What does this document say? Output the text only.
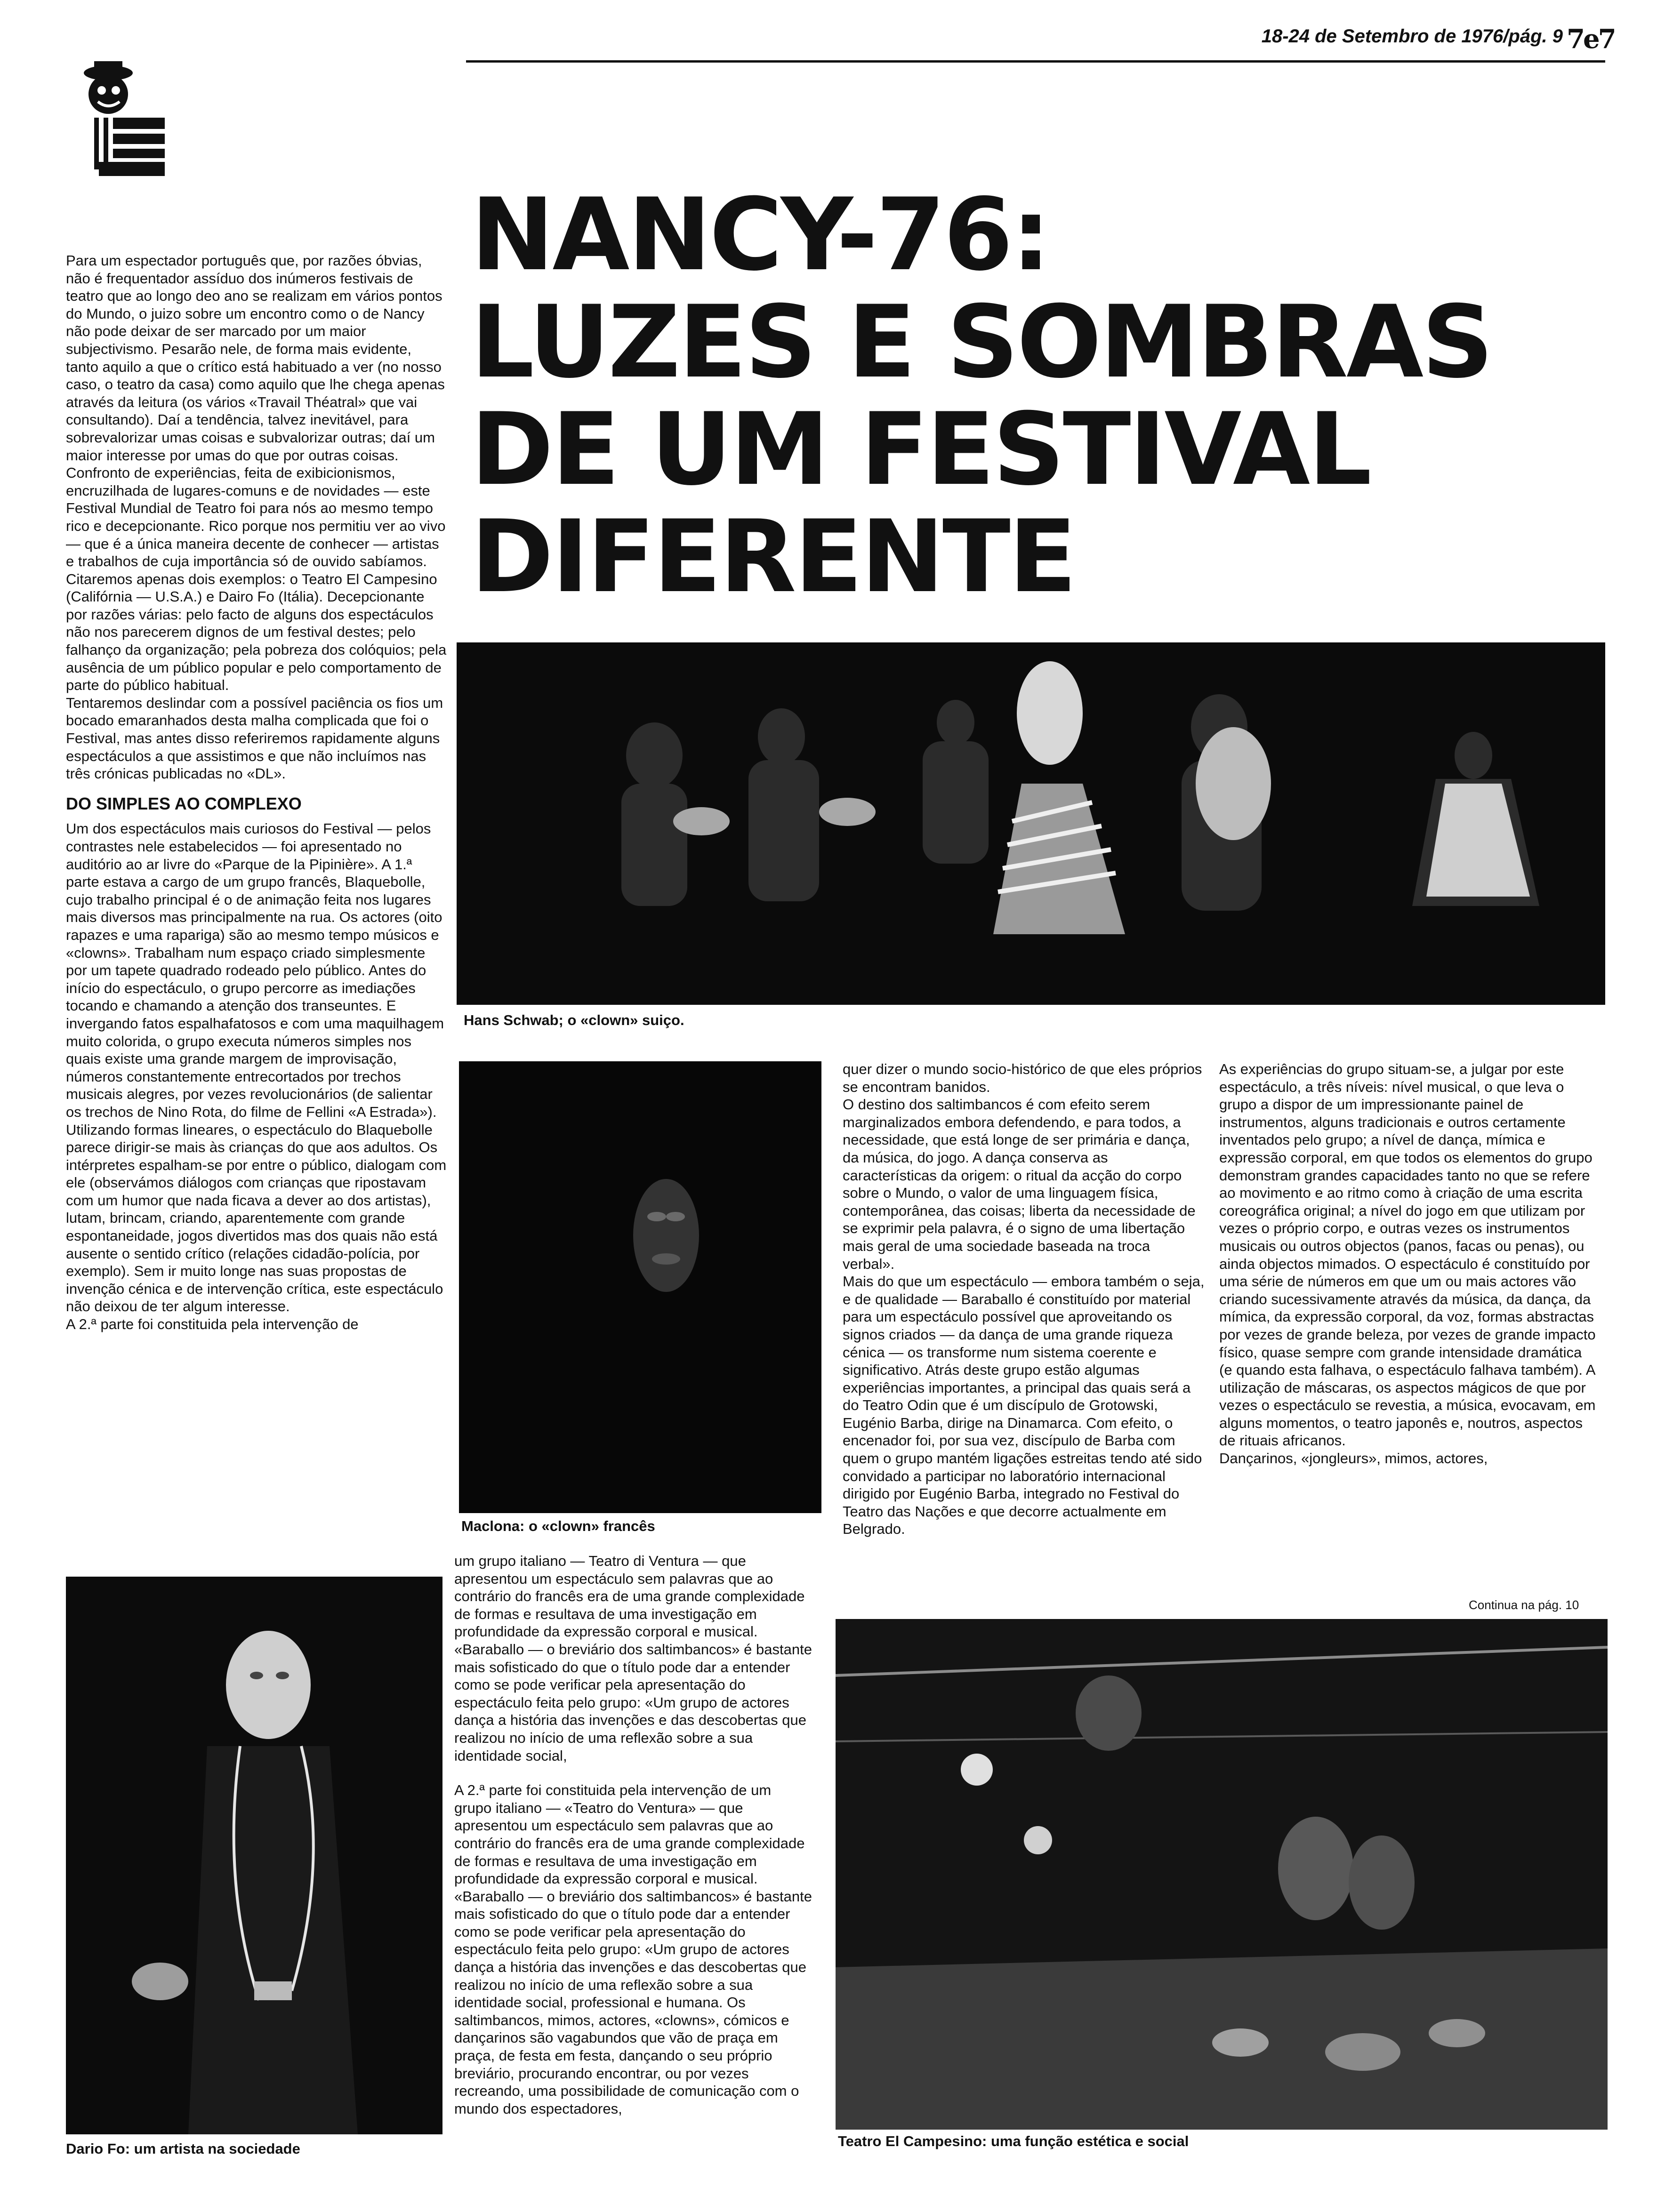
18-24 de Setembro de 1976/pág. 9 7e7
NANCY-76:
LUZES E SOMBRAS
DE UM FESTIVAL
DIFERENTE

Para um espectador português que, por razões óbvias, não é frequentador assíduo dos inúmeros festivais de teatro que ao longo deo ano se realizam em vários pontos do Mundo, o juizo sobre um encontro como o de Nancy não pode deixar de ser marcado por um maior subjectivismo. Pesarão nele, de forma mais evidente, tanto aquilo a que o crítico está habituado a ver (no nosso caso, o teatro da casa) como aquilo que lhe chega apenas através da leitura (os vários «Travail Théatral» que vai consultando). Daí a tendência, talvez inevitável, para sobrevalorizar umas coisas e subvalorizar outras; daí um maior interesse por umas do que por outras coisas. Confronto de experiências, feita de exibicionismos, encruzilhada de lugares-comuns e de novidades — este Festival Mundial de Teatro foi para nós ao mesmo tempo rico e decepcionante. Rico porque nos permitiu ver ao vivo — que é a única maneira decente de conhecer — artistas e trabalhos de cuja importância só de ouvido sabíamos. Citaremos apenas dois exemplos: o Teatro El Campesino (Califórnia — U.S.A.) e Dairo Fo (Itália). Decepcionante por razões várias: pelo facto de alguns dos espectáculos não nos parecerem dignos de um festival destes; pelo falhanço da organização; pela pobreza dos colóquios; pela ausência de um público popular e pelo comportamento de parte do público habitual.

Tentaremos deslindar com a possível paciência os fios um bocado emaranhados desta malha complicada que foi o Festival, mas antes disso referiremos rapidamente alguns espectáculos a que assistimos e que não incluímos nas três crónicas publicadas no «DL».

DO SIMPLES AO COMPLEXO

Um dos espectáculos mais curiosos do Festival — pelos contrastes nele estabelecidos — foi apresentado no auditório ao ar livre do «Parque de la Pipinière». A 1.ª parte estava a cargo de um grupo francês, Blaquebolle, cujo trabalho principal é o de animação feita nos lugares mais diversos mas principalmente na rua. Os actores (oito rapazes e uma rapariga) são ao mesmo tempo músicos e «clowns». Trabalham num espaço criado simplesmente por um tapete quadrado rodeado pelo público. Antes do início do espectáculo, o grupo percorre as imediações tocando e chamando a atenção dos transeuntes. E invergando fatos espalhafatosos e com uma maquilhagem muito colorida, o grupo executa números simples nos quais existe uma grande margem de improvisação, números constantemente entrecortados por trechos musicais alegres, por vezes revolucionários (de salientar os trechos de Nino Rota, do filme de Fellini «A Estrada»). Utilizando formas lineares, o espectáculo do Blaquebolle parece dirigir-se mais às crianças do que aos adultos. Os intérpretes espalham-se por entre o público, dialogam com ele (observámos diálogos com crianças que ripostavam com um humor que nada ficava a dever ao dos artistas), lutam, brincam, criando, aparentemente com grande espontaneidade, jogos divertidos mas dos quais não está ausente o sentido crítico (relações cidadão-polícia, por exemplo). Sem ir muito longe nas suas propostas de invenção cénica e de intervenção crítica, este espectáculo não deixou de ter algum interesse.

A 2.ª parte foi constituida pela intervenção de

Hans Schwab; o «clown» suiço.
Maclona: o «clown» francês

um grupo italiano — Teatro di Ventura — que apresentou um espectáculo sem palavras que ao contrário do francês era de uma grande complexidade de formas e resultava de uma investigação em profundidade da expressão corporal e musical. «Baraballo — o breviário dos saltimbancos» é bastante mais sofisticado do que o título pode dar a entender como se pode verificar pela apresentação do espectáculo feita pelo grupo: «Um grupo de actores dança a história das invenções e das descobertas que realizou no início de uma reflexão sobre a sua identidade social,

A 2.ª parte foi constituida pela intervenção de um grupo italiano — «Teatro do Ventura» — que apresentou um espectáculo sem palavras que ao contrário do francês era de uma grande complexidade de formas e resultava de uma investigação em profundidade da expressão corporal e musical. «Baraballo — o breviário dos saltimbancos» é bastante mais sofisticado do que o título pode dar a entender como se pode verificar pela apresentação do espectáculo feita pelo grupo: «Um grupo de actores dança a história das invenções e das descobertas que realizou no início de uma reflexão sobre a sua identidade social, professional e humana. Os saltimbancos, mimos, actores, «clowns», cómicos e dançarinos são vagabundos que vão de praça em praça, de festa em festa, dançando o seu próprio breviário, procurando encontrar, ou por vezes recreando, uma possibilidade de comunicação com o mundo dos espectadores,

quer dizer o mundo socio-histórico de que eles próprios se encontram banidos.

O destino dos saltimbancos é com efeito serem marginalizados embora defendendo, e para todos, a necessidade, que está longe de ser primária e dança, da música, do jogo. A dança conserva as características da origem: o ritual da acção do corpo sobre o Mundo, o valor de uma linguagem física, contemporânea, das coisas; liberta da necessidade de se exprimir pela palavra, é o signo de uma libertação mais geral de uma sociedade baseada na troca verbal».

Mais do que um espectáculo — embora também o seja, e de qualidade — Baraballo é constituído por material para um espectáculo possível que aproveitando os signos criados — da dança de uma grande riqueza cénica — os transforme num sistema coerente e significativo. Atrás deste grupo estão algumas experiências importantes, a principal das quais será a do Teatro Odin que é um discípulo de Grotowski, Eugénio Barba, dirige na Dinamarca. Com efeito, o encenador foi, por sua vez, discípulo de Barba com quem o grupo mantém ligações estreitas tendo até sido convidado a participar no laboratório internacional dirigido por Eugénio Barba, integrado no Festival do Teatro das Nações e que decorre actualmente em Belgrado.

As experiências do grupo situam-se, a julgar por este espectáculo, a três níveis: nível musical, o que leva o grupo a dispor de um impressionante painel de instrumentos, alguns tradicionais e outros certamente inventados pelo grupo; a nível de dança, mímica e expressão corporal, em que todos os elementos do grupo demonstram grandes capacidades tanto no que se refere ao movimento e ao ritmo como à criação de uma escrita coreográfica original; a nível do jogo em que utilizam por vezes o próprio corpo, e outras vezes os instrumentos musicais ou outros objectos (panos, facas ou penas), ou ainda objectos mimados. O espectáculo é constituído por uma série de números em que um ou mais actores vão criando sucessivamente através da música, da dança, da mímica, da expressão corporal, da voz, formas abstractas por vezes de grande beleza, por vezes de grande impacto físico, quase sempre com grande intensidade dramática (e quando esta falhava, o espectáculo falhava também). A utilização de máscaras, os aspectos mágicos de que por vezes o espectáculo se revestia, a música, evocavam, em alguns momentos, o teatro japonês e, noutros, aspectos de rituais africanos.

Dançarinos, «jongleurs», mimos, actores,

Continua na pág. 10
Dario Fo: um artista na sociedade	Teatro El Campesino: uma função estética e social
